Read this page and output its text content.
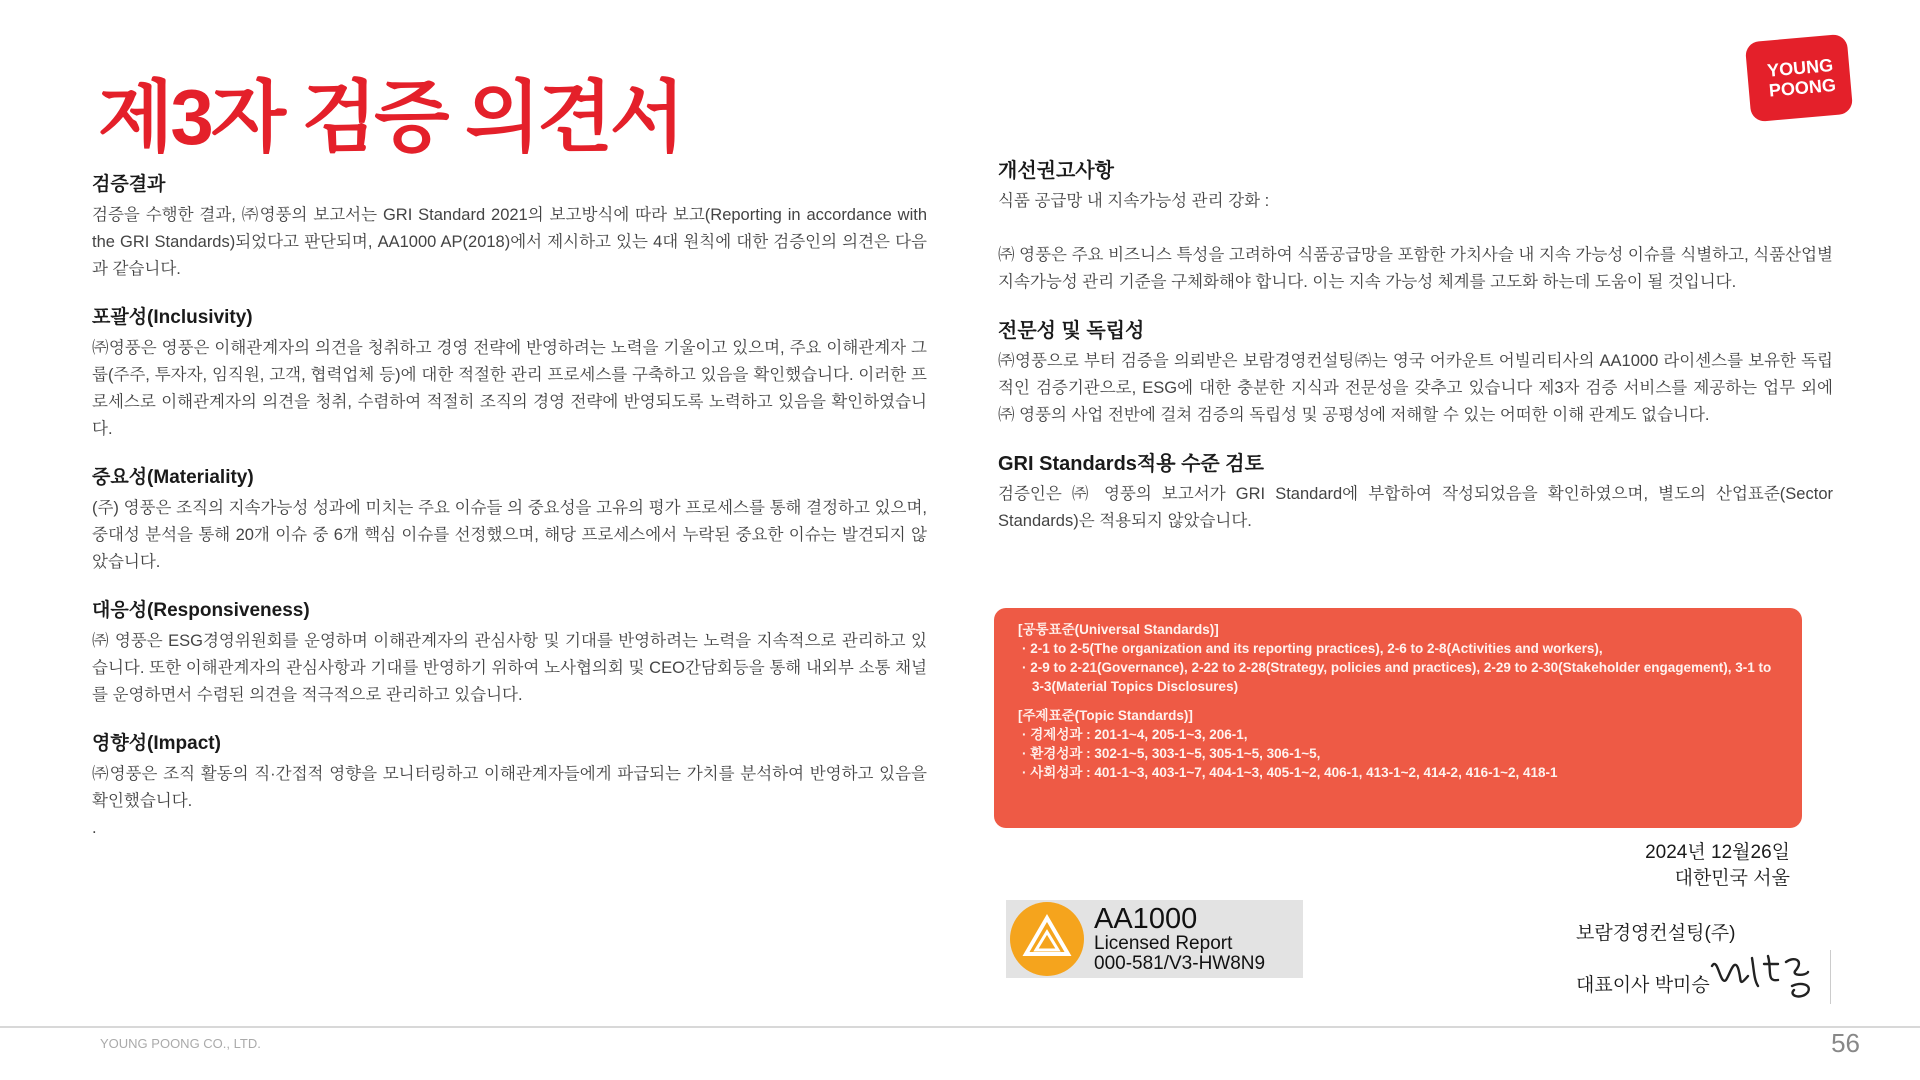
제3자 검증 의견서
YOUNG
POONG
검증결과

검증을 수행한 결과, ㈜영풍의 보고서는 GRI Standard 2021의 보고방식에 따라 보고(Reporting in accordance with the GRI Standards)되었다고 판단되며, AA1000 AP(2018)에서 제시하고 있는 4대 원칙에 대한 검증인의 의견은 다음과 같습니다.

포괄성(Inclusivity)

㈜영풍은 영풍은 이해관계자의 의견을 청취하고 경영 전략에 반영하려는 노력을 기울이고 있으며, 주요 이해관계자 그룹(주주, 투자자, 임직원, 고객, 협력업체 등)에 대한 적절한 관리 프로세스를 구축하고 있음을 확인했습니다. 이러한 프로세스로 이해관계자의 의견을 청취, 수렴하여 적절히 조직의 경영 전략에 반영되도록 노력하고 있음을 확인하였습니다.

중요성(Materiality)

(주) 영풍은 조직의 지속가능성 성과에 미치는 주요 이슈들 의 중요성을 고유의 평가 프로세스를 통해 결정하고 있으며, 중대성 분석을 통해 20개 이슈 중 6개 핵심 이슈를 선정했으며, 해당 프로세스에서 누락된 중요한 이슈는 발견되지 않았습니다.

대응성(Responsiveness)

㈜ 영풍은 ESG경영위원회를 운영하며 이해관계자의 관심사항 및 기대를 반영하려는 노력을 지속적으로 관리하고 있습니다. 또한 이해관계자의 관심사항과 기대를 반영하기 위하여 노사협의회 및 CEO간담회등을 통해 내외부 소통 채널를 운영하면서 수렴된 의견을 적극적으로 관리하고 있습니다.

영향성(Impact)

㈜영풍은 조직 활동의 직·간접적 영향을 모니터링하고 이해관계자들에게 파급되는 가치를 분석하여 반영하고 있음을 확인했습니다.

.

개선권고사항

식품 공급망 내 지속가능성 관리 강화 :

㈜ 영풍은 주요 비즈니스 특성을 고려하여 식품공급망을 포함한 가치사슬 내 지속 가능성 이슈를 식별하고, 식품산업별 지속가능성 관리 기준을 구체화해야 합니다. 이는 지속 가능성 체계를 고도화 하는데 도움이 될 것입니다.

전문성 및 독립성

㈜영풍으로 부터 검증을 의뢰받은 보람경영컨설팅㈜는 영국 어카운트 어빌리티사의 AA1000 라이센스를 보유한 독립적인 검증기관으로, ESG에 대한 충분한 지식과 전문성을 갖추고 있습니다 제3자 검증 서비스를 제공하는 업무 외에 ㈜ 영풍의 사업 전반에 걸쳐 검증의 독립성 및 공평성에 저해할 수 있는 어떠한 이해 관계도 없습니다.

GRI Standards적용 수준 검토

검증인은 ㈜ 영풍의 보고서가 GRI Standard에 부합하여 작성되었음을 확인하였으며, 별도의 산업표준(Sector Standards)은 적용되지 않았습니다.

[공통표준(Universal Standards)]
· 2-1 to 2-5(The organization and its reporting practices), 2-6 to 2-8(Activities and workers),
· 2-9 to 2-21(Governance), 2-22 to 2-28(Strategy, policies and practices), 2-29 to 2-30(Stakeholder engagement), 3-1 to 3-3(Material Topics Disclosures)
[주제표준(Topic Standards)]
· 경제성과 : 201-1~4, 205-1~3, 206-1,
· 환경성과 : 302-1~5, 303-1~5, 305-1~5, 306-1~5,
· 사회성과 : 401-1~3, 403-1~7, 404-1~3, 405-1~2, 406-1, 413-1~2, 414-2, 416-1~2, 418-1
2024년 12월26일
대한민국 서울
AA1000
Licensed Report
000-581/V3-HW8N9
보람경영컨설팅(주)
대표이사 박미승
YOUNG POONG CO., LTD.	56
